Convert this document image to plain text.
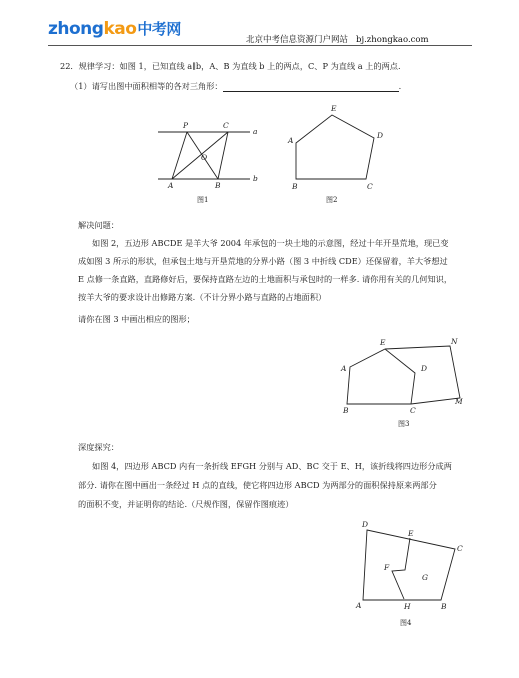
zhongkao中考网
北京中考信息资源门户网站 bj.zhongkao.com
22．规律学习：如图 1，已知直线 a∥b，A、B 为直线 b 上的两点，C、P 为直线 a 上的两点.
（1）请写出图中面积相等的各对三角形：	.
解决问题：
如图 2，五边形 ABCDE 是羊大爷 2004 年承包的一块土地的示意图，经过十年开垦荒地，现已变
成如图 3 所示的形状，但承包土地与开垦荒地的分界小路（图 3 中折线 CDE）还保留着，羊大爷想过
E 点修一条直路，直路修好后，要保持直路左边的土地面积与承包时的一样多. 请你用有关的几何知识，
按羊大爷的要求设计出修路方案.（不计分界小路与直路的占地面积）
请你在图 3 中画出相应的图形；
深度探究：
如图 4，四边形 ABCD 内有一条折线 EFGH 分别与 AD、BC 交于 E、H，该折线将四边形分成两
部分. 请你在图中画出一条经过 H 点的直线，使它将四边形 ABCD 为两部分的面积保持原来两部分
的面积不变，并证明你的结论.（尺规作图，保留作图痕迹）
P	C
O
A	B
a
b
图1
E
A
D
B	C
图2
E	N
A	D
B	C
M
图3
D
E
C
F
G
A	H	B
图4
